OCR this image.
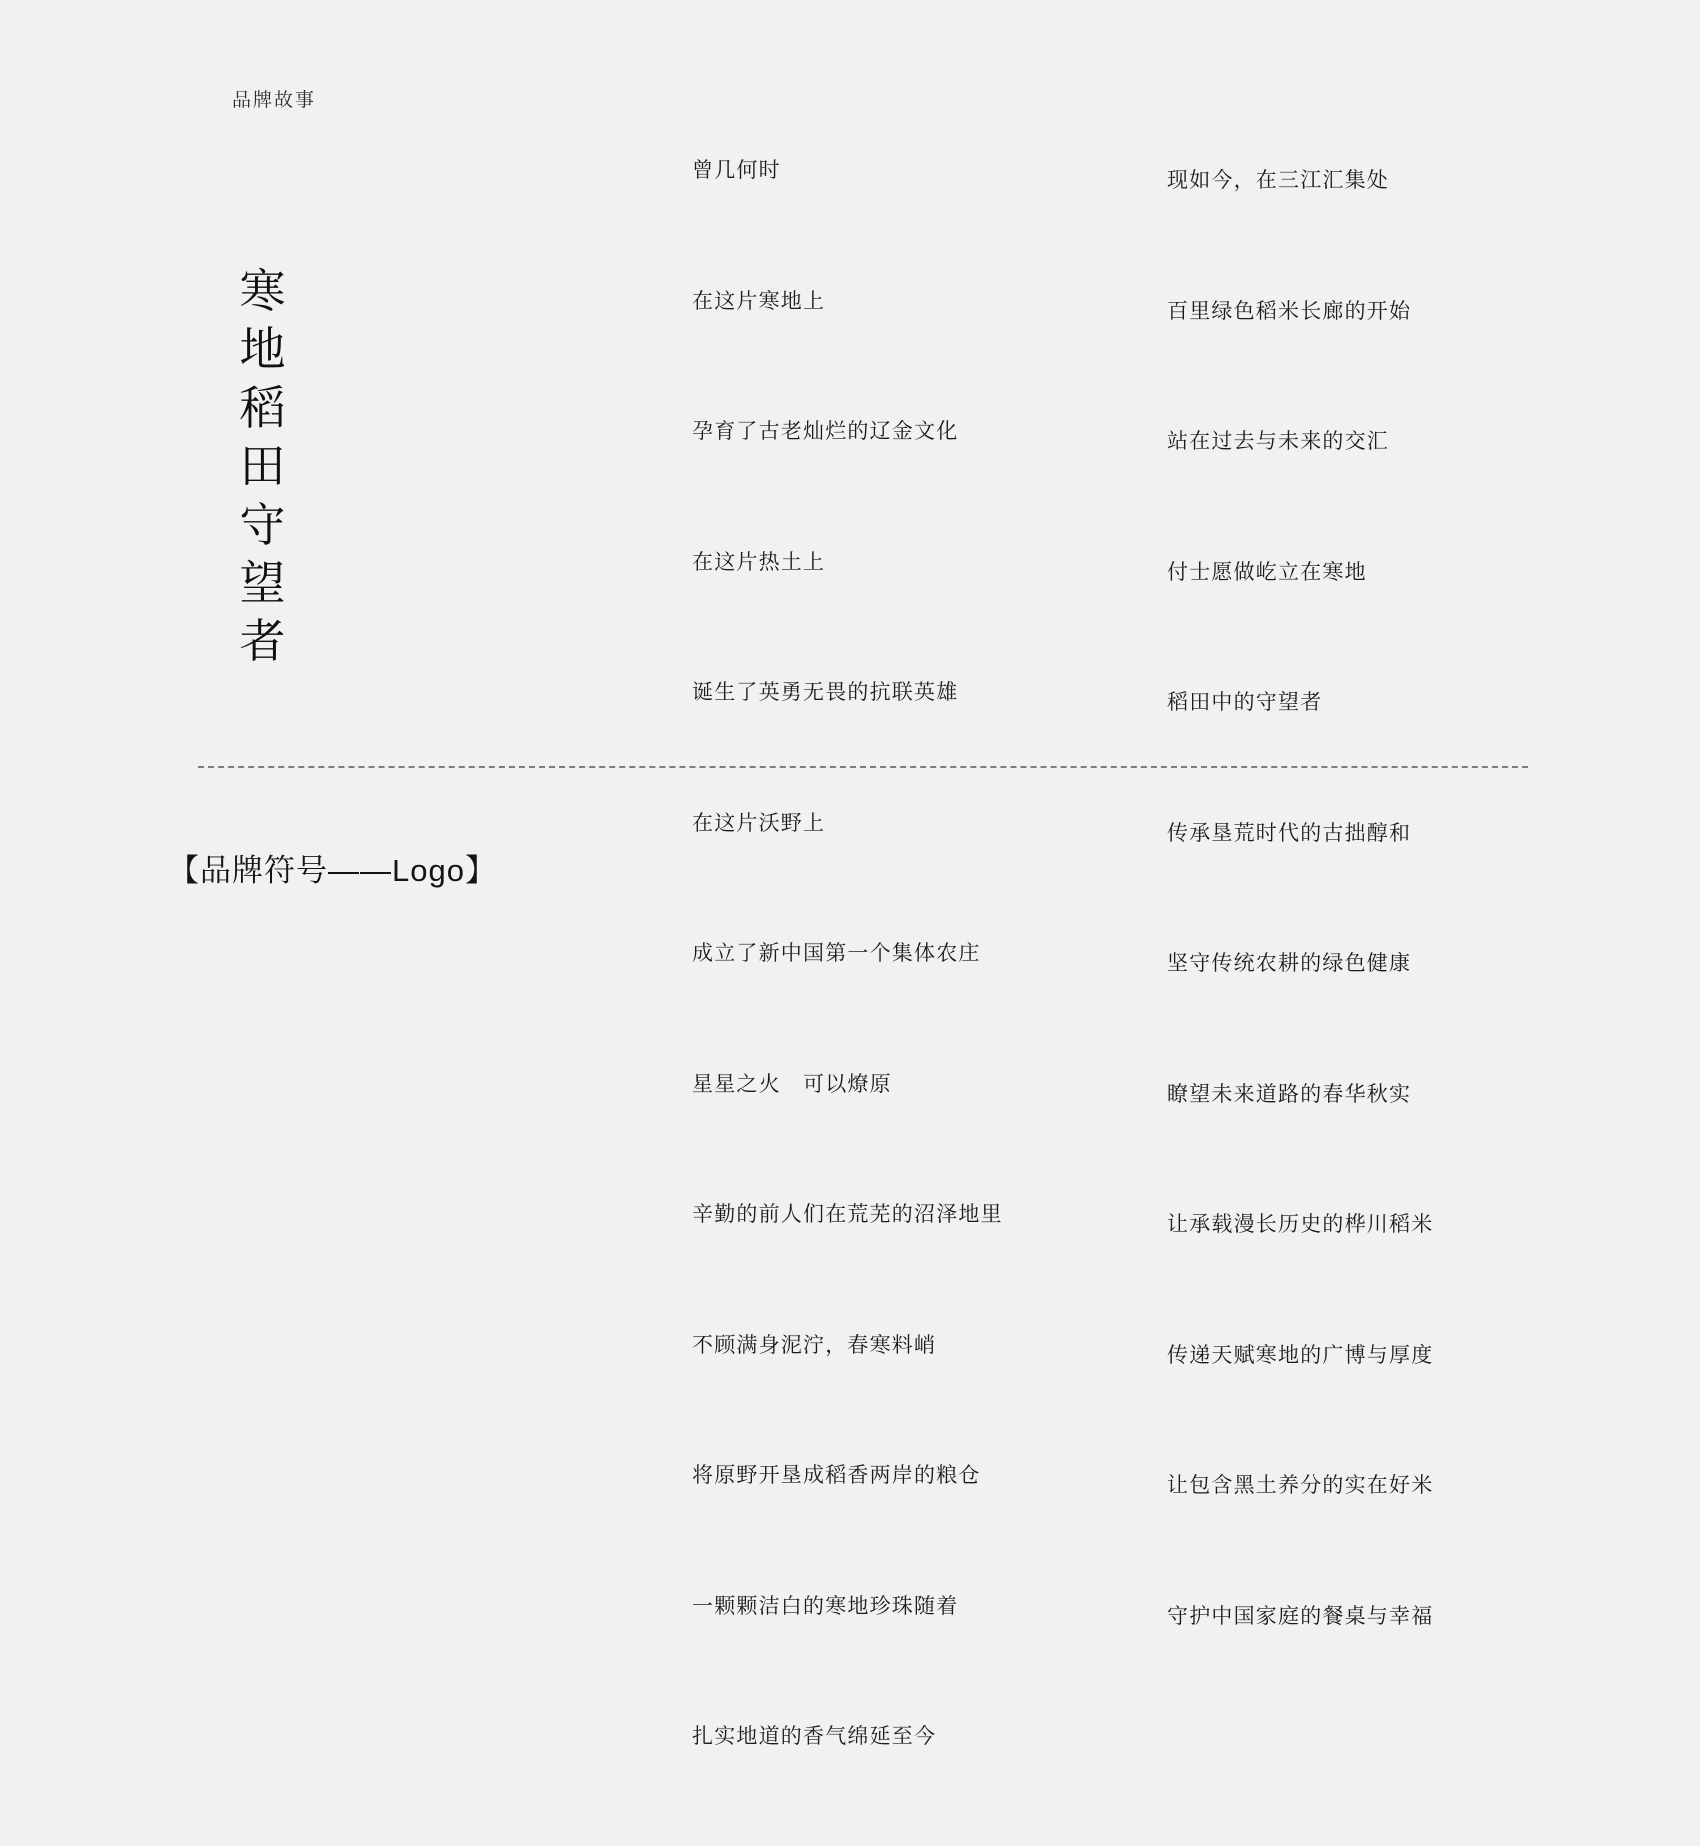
品牌故事
寒
地
稻
田
守
望
者

曾几何时

在这片寒地上

孕育了古老灿烂的辽金文化

在这片热土上

诞生了英勇无畏的抗联英雄

在这片沃野上

成立了新中国第一个集体农庄

星星之火　可以燎原

辛勤的前人们在荒芜的沼泽地里

不顾满身泥泞，春寒料峭

将原野开垦成稻香两岸的粮仓

一颗颗洁白的寒地珍珠随着

扎实地道的香气绵延至今

现如今，在三江汇集处

百里绿色稻米长廊的开始

站在过去与未来的交汇

付士愿做屹立在寒地

稻田中的守望者

传承垦荒时代的古拙醇和

坚守传统农耕的绿色健康

瞭望未来道路的春华秋实

让承载漫长历史的桦川稻米

传递天赋寒地的广博与厚度

让包含黑土养分的实在好米

守护中国家庭的餐桌与幸福

【品牌符号——Logo】
